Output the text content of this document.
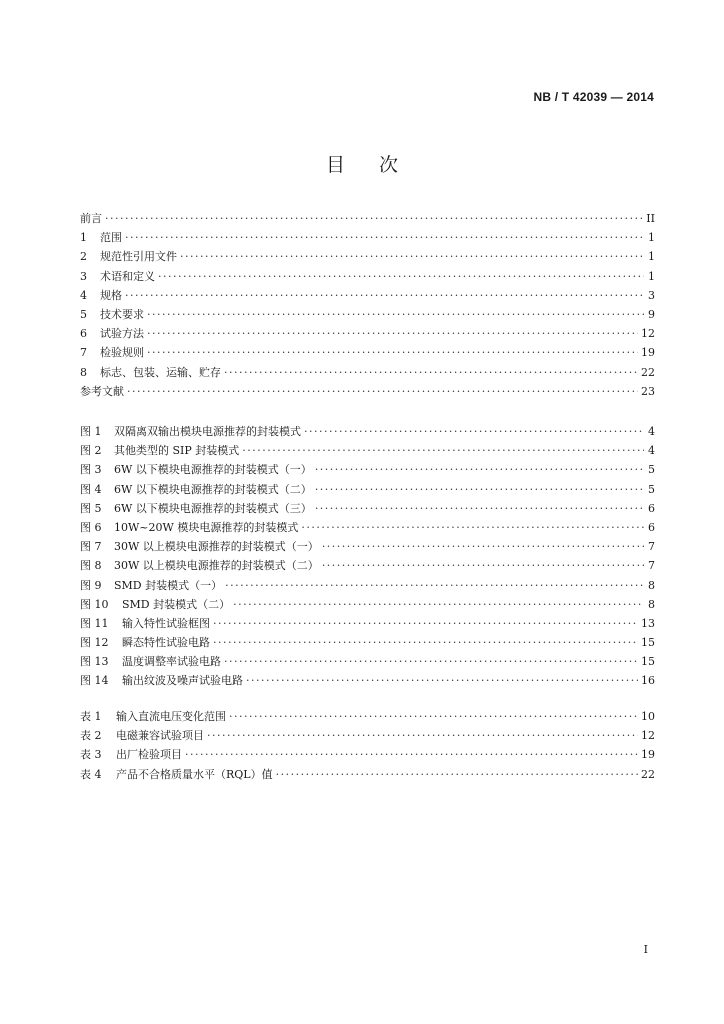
NB / T 42039 — 2014
目次
前言 ·····	II
1	范围 ·····	1
2	规范性引用文件 ·····	1
3	术语和定义 ·····	1
4	规格 ·····	3
5	技术要求 ·····	9
6	试验方法 ·····	12
7	检验规则 ·····	19
8	标志、包装、运输、贮存 ·····	22
参考文献 ·····	23
图 1	双隔离双输出模块电源推荐的封装模式 ·····	4
图 2	其他类型的 SIP 封装模式 ·····	4
图 3	6W 以下模块电源推荐的封装模式（一） ·····	5
图 4	6W 以下模块电源推荐的封装模式（二） ·····	5
图 5	6W 以下模块电源推荐的封装模式（三） ·····	6
图 6	10W~20W 模块电源推荐的封装模式 ·····	6
图 7	30W 以上模块电源推荐的封装模式（一） ·····	7
图 8	30W 以上模块电源推荐的封装模式（二） ·····	7
图 9	SMD 封装模式（一） ·····	8
图 10	SMD 封装模式（二） ·····	8
图 11	输入特性试验框图 ·····	13
图 12	瞬态特性试验电路 ·····	15
图 13	温度调整率试验电路 ·····	15
图 14	输出纹波及噪声试验电路 ·····	16
表 1	输入直流电压变化范围 ·····	10
表 2	电磁兼容试验项目 ·····	12
表 3	出厂检验项目 ·····	19
表 4	产品不合格质量水平（RQL）值 ·····	22
I
